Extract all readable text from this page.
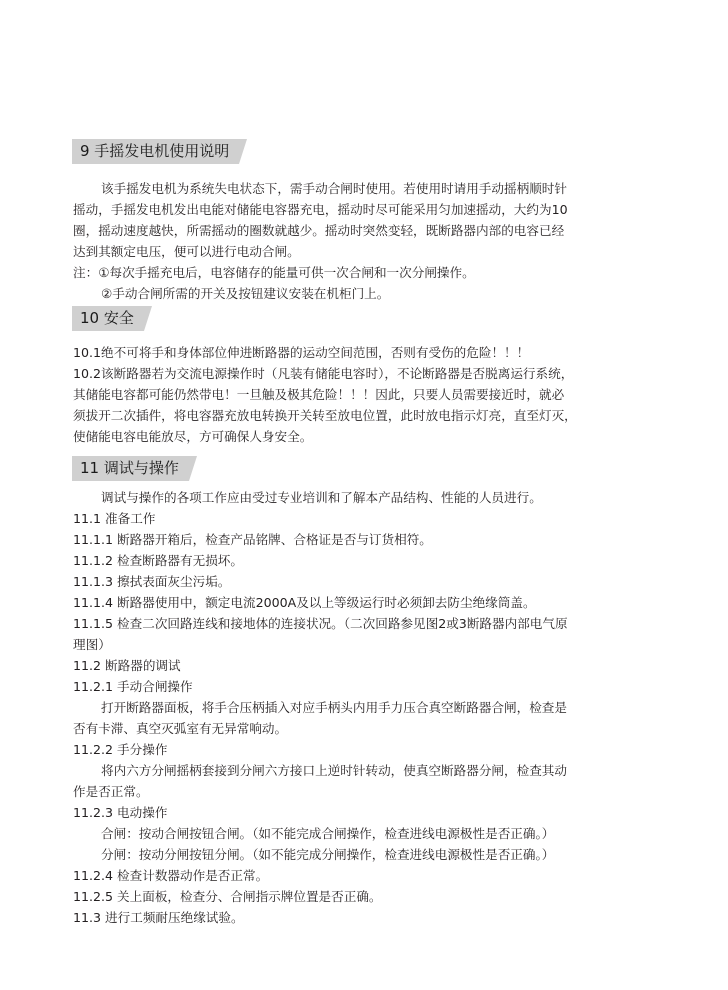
9 手摇发电机使用说明
该手摇发电机为系统失电状态下，需手动合闸时使用。若使用时请用手动摇柄顺时针
摇动，手摇发电机发出电能对储能电容器充电，摇动时尽可能采用匀加速摇动，大约为10
圈，摇动速度越快，所需摇动的圈数就越少。摇动时突然变轻，既断路器内部的电容已经
达到其额定电压，便可以进行电动合闸。
注：①每次手摇充电后，电容储存的能量可供一次合闸和一次分闸操作。
②手动合闸所需的开关及按钮建议安装在机柜门上。
10 安全
10.1绝不可将手和身体部位伸进断路器的运动空间范围，否则有受伤的危险！！！
10.2该断路器若为交流电源操作时（凡装有储能电容时），不论断路器是否脱离运行系统，
其储能电容都可能仍然带电！一旦触及极其危险！！！因此，只要人员需要接近时，就必
须拔开二次插件，将电容器充放电转换开关转至放电位置，此时放电指示灯亮，直至灯灭，
使储能电容电能放尽，方可确保人身安全。
11 调试与操作
调试与操作的各项工作应由受过专业培训和了解本产品结构、性能的人员进行。
11.1 准备工作
11.1.1 断路器开箱后，检查产品铭牌、合格证是否与订货相符。
11.1.2 检查断路器有无损坏。
11.1.3 擦拭表面灰尘污垢。
11.1.4 断路器使用中，额定电流2000A及以上等级运行时必须卸去防尘绝缘筒盖。
11.1.5 检查二次回路连线和接地体的连接状况。（二次回路参见图2或3断路器内部电气原
理图）
11.2 断路器的调试
11.2.1 手动合闸操作
打开断路器面板，将手合压柄插入对应手柄头内用手力压合真空断路器合闸，检查是
否有卡滞、真空灭弧室有无异常响动。
11.2.2 手分操作
将内六方分闸摇柄套接到分闸六方接口上逆时针转动，使真空断路器分闸，检查其动
作是否正常。
11.2.3 电动操作
合闸：按动合闸按钮合闸。（如不能完成合闸操作，检查进线电源极性是否正确。）
分闸：按动分闸按钮分闸。（如不能完成分闸操作，检查进线电源极性是否正确。）
11.2.4 检查计数器动作是否正常。
11.2.5 关上面板，检查分、合闸指示牌位置是否正确。
11.3 进行工频耐压绝缘试验。
